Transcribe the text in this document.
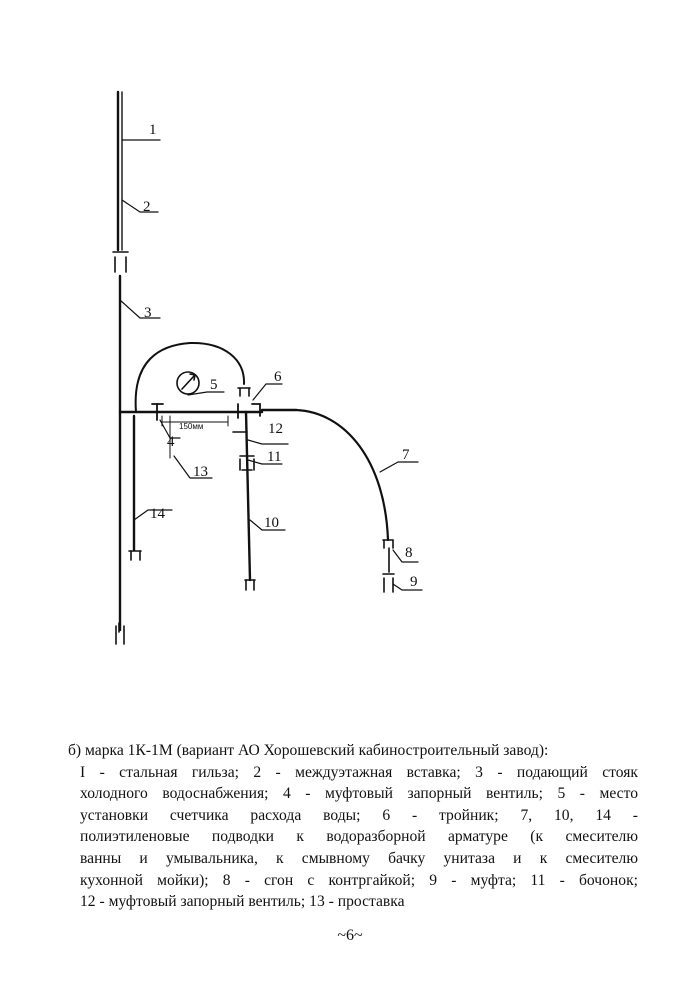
1
2
3
4
5	6
7
8
9
10
11
12
13
14
150мм
б) марка 1К-1М (вариант АО Хорошевский кабиностроительный завод):
I - стальная гильза; 2 - междуэтажная вставка; 3 - подающий стояк
холодного водоснабжения; 4 - муфтовый запорный вентиль; 5 - место
установки счетчика расхода воды; 6 - тройник; 7, 10, 14 -
полиэтиленовые подводки к водоразборной арматуре (к смесителю
ванны и умывальника, к смывному бачку унитаза и к смесителю
кухонной мойки); 8 - сгон с контргайкой; 9 - муфта; 11 - бочонок;
12 - муфтовый запорный вентиль; 13 - проставка
~6~
